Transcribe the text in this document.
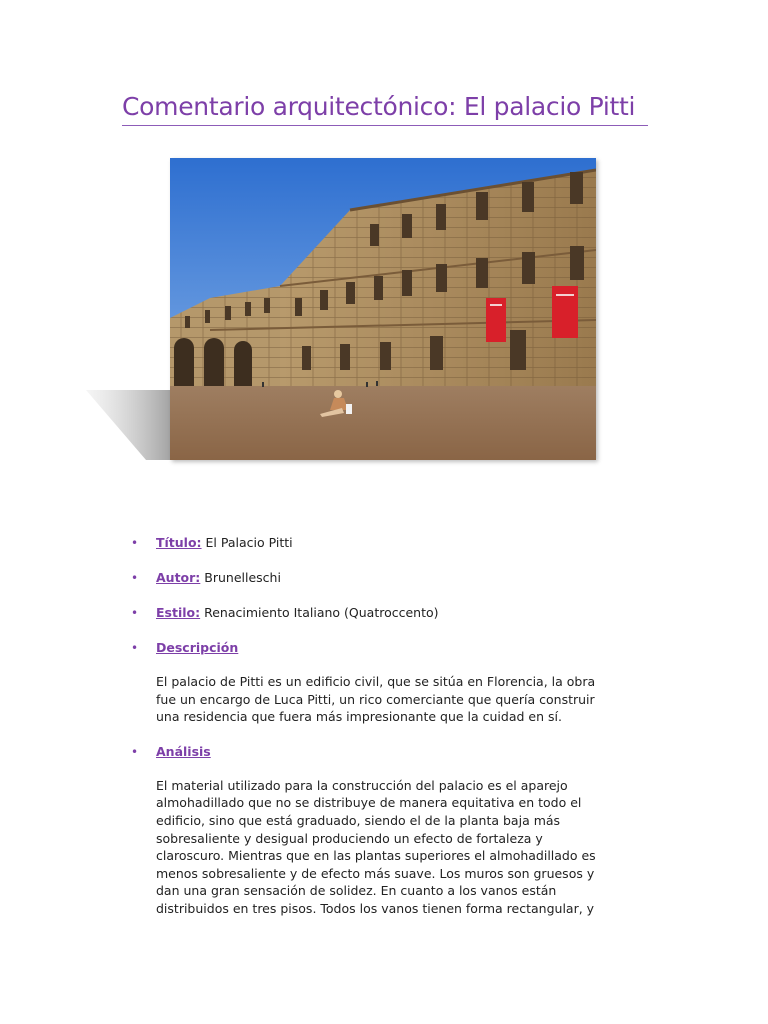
Comentario arquitectónico: El palacio Pitti
• Título: El Palacio Pitti
• Autor: Brunelleschi
• Estilo: Renacimiento Italiano (Quatroccento)
• Descripción

El palacio de Pitti es un edificio civil, que se sitúa en Florencia, la obra
fue un encargo de Luca Pitti, un rico comerciante que quería construir
una residencia que fuera más impresionante que la cuidad en sí.

• Análisis

El material utilizado para la construcción del palacio es el aparejo
almohadillado que no se distribuye de manera equitativa en todo el
edificio, sino que está graduado, siendo el de la planta baja más
sobresaliente y desigual produciendo un efecto de fortaleza y
claroscuro. Mientras que en las plantas superiores el almohadillado es
menos sobresaliente y de efecto más suave. Los muros son gruesos y
dan una gran sensación de solidez. En cuanto a los vanos están
distribuidos en tres pisos. Todos los vanos tienen forma rectangular, y
